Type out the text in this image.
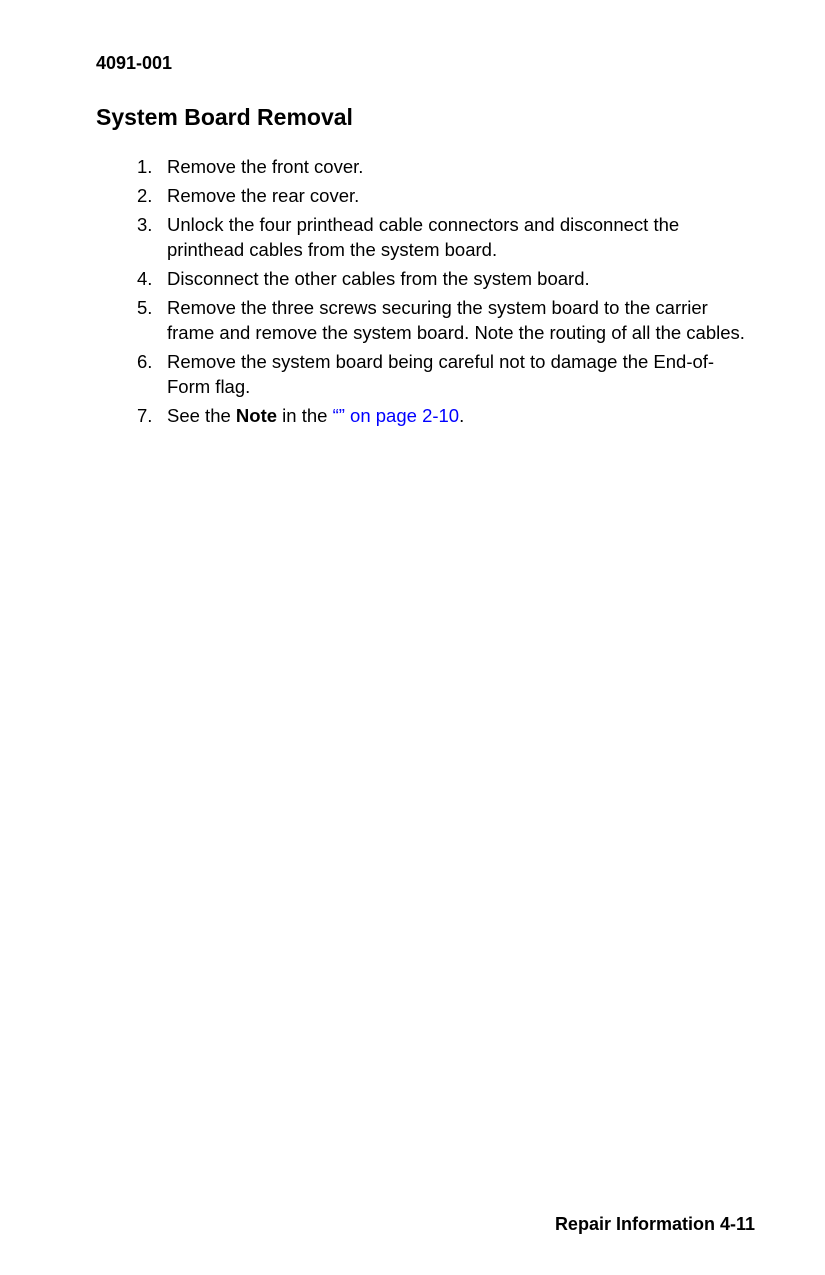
4091-001
System Board Removal
1. Remove the front cover.
2. Remove the rear cover.
3. Unlock the four printhead cable connectors and disconnect the printhead cables from the system board.
4. Disconnect the other cables from the system board.
5. Remove the three screws securing the system board to the carrier frame and remove the system board. Note the routing of all the cables.
6. Remove the system board being careful not to damage the End-of-Form flag.
7. See the Note in the “” on page 2-10.
Repair Information 4-11
